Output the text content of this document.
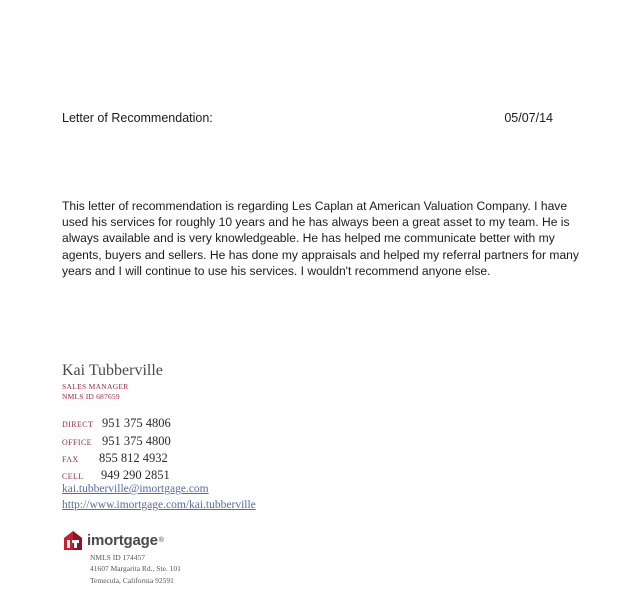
Letter of Recommendation:	05/07/14

This letter of recommendation is regarding Les Caplan at American Valuation Company. I have used his services for roughly 10 years and he has always been a great asset to my team. He is always available and is very knowledgeable. He has helped me communicate better with my agents, buyers and sellers. He has done my appraisals and helped my referral partners for many years and I will continue to use his services. I wouldn't recommend anyone else.

Kai Tubberville
SALES MANAGER
NMLS ID 687659
DIRECT 951 375 4806
OFFICE 951 375 4800
FAX 855 812 4932
CELL 949 290 2851
kai.tubberville@imortgage.com
http://www.imortgage.com/kai.tubberville
imortgage ®
NMLS ID 174457
41607 Margarita Rd., Ste. 101
Temecula, California 92591
